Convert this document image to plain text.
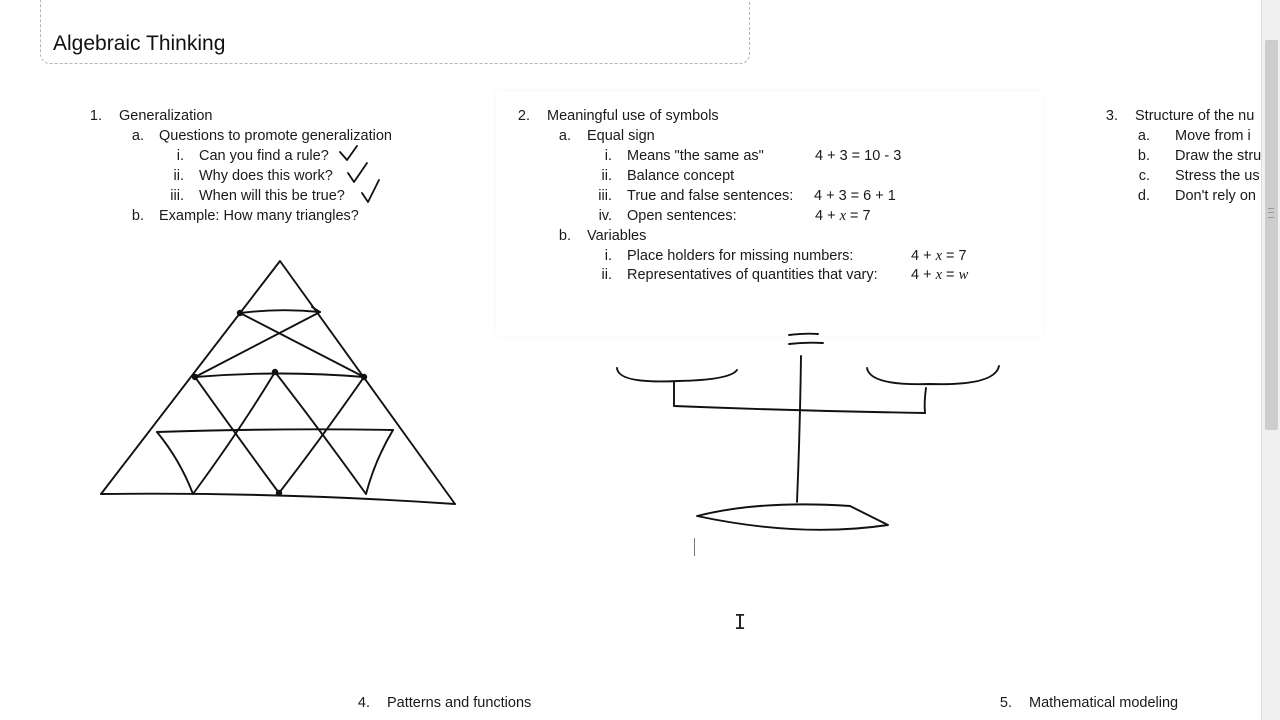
Algebraic Thinking
1. Generalization
a. Questions to promote generalization
i. Can you find a rule?
ii. Why does this work?
iii. When will this be true?
b. Example: How many triangles?
2. Meaningful use of symbols
a. Equal sign
i. Means "the same as"	4 + 3 = 10 - 3
ii. Balance concept
iii. True and false sentences: 4 + 3 = 6 + 1
iv. Open sentences:	4 + x = 7
b. Variables
i. Place holders for missing numbers:	4 + x = 7
ii. Representatives of quantities that vary: 4 + x = w
3. Structure of the nu
a. Move from i
b. Draw the stru
c. Stress the us
d. Don't rely on
4. Patterns and functions	5. Mathematical modeling
I
